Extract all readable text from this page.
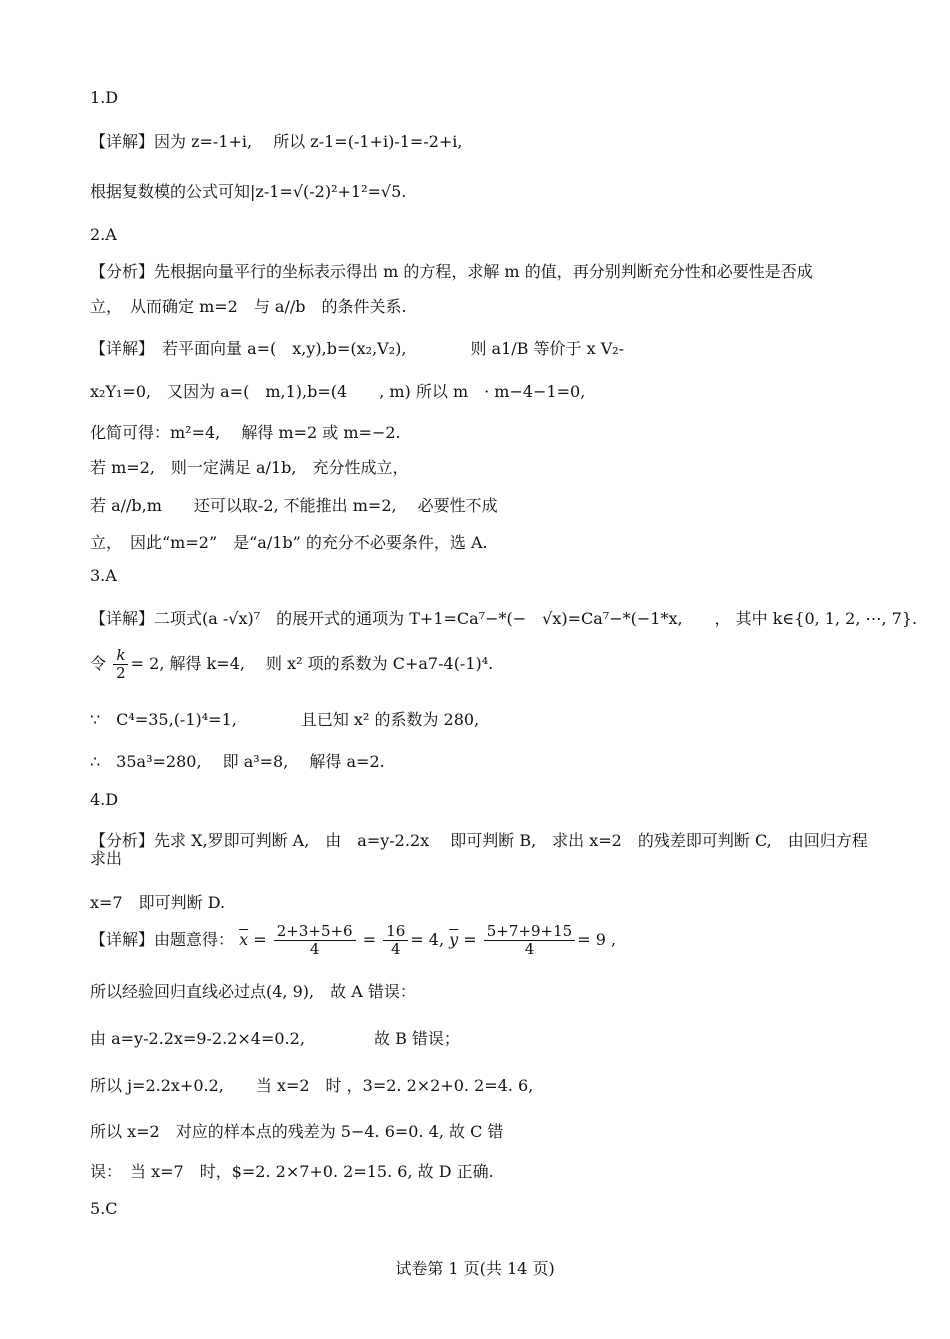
1.D
【详解】因为 z=-1+i,　 所以 z-1=(-1+i)-1=-2+i,
根据复数模的公式可知|z-1=√(-2)²+1²=√5.
2.A
【分析】先根据向量平行的坐标表示得出 m 的方程，求解 m 的值，再分别判断充分性和必要性是否成
立，　从而确定 m=2　与 a//b　的条件关系.
【详解】　若平面向量 a=(　x,y),b=(x₂,V₂),　　　　则 a1/B 等价于 x V₂-
x₂Y₁=0,　又因为 a=(　m,1),b=(4　　, m) 所以 m　· m−4−1=0,
化简可得：m²=4,　 解得 m=2 或 m=−2.
若 m=2,　则一定满足 a/1b,　充分性成立，
若 a//b,m　　还可以取-2, 不能推出 m=2,　 必要性不成
立，　因此“m=2”　是“a/1b” 的充分不必要条件，选 A.
3.A
【详解】二项式(a -√x)⁷　的展开式的通项为 T+1=Ca⁷−*(−　√x)=Ca⁷−*(−1*x,　　， 其中 k∈{0, 1, 2, ⋯, 7}.
令 $\frac{k}{2} = 2$, 解得 k=4,　 则 x² 项的系数为 C+a7-4(-1)⁴.
∵　C⁴=35,(-1)⁴=1,　　　　且已知 x² 的系数为 280,
∴　35a³=280,　 即 a³=8,　 解得 a=2.
4.D
【分析】先求 X,罗即可判断 A,　由　a=y-2.2x　 即可判断 B,　求出 x=2　的残差即可判断 C,　由回归方程求出
x=7　即可判断 D.
【详解】由题意得： $\overline{x} = \frac{2+3+5+6}{4} = \frac{16}{4} = 4$, $\overline{y} = \frac{5+7+9+15}{4} = 9$ ,
所以经验回归直线必过点(4, 9),　故 A 错误：
由 a=y-2.2x=9-2.2×4=0.2,　　　　 故 B 错误；
所以 j=2.2x+0.2,　　当 x=2　时 ，3=2. 2×2+0. 2=4. 6,
所以 x=2　对应的样本点的残差为 5−4. 6=0. 4, 故 C 错
误：　当 x=7　时，$=2. 2×7+0. 2=15. 6, 故 D 正确.
5.C
试卷第 1 页(共 14 页)
